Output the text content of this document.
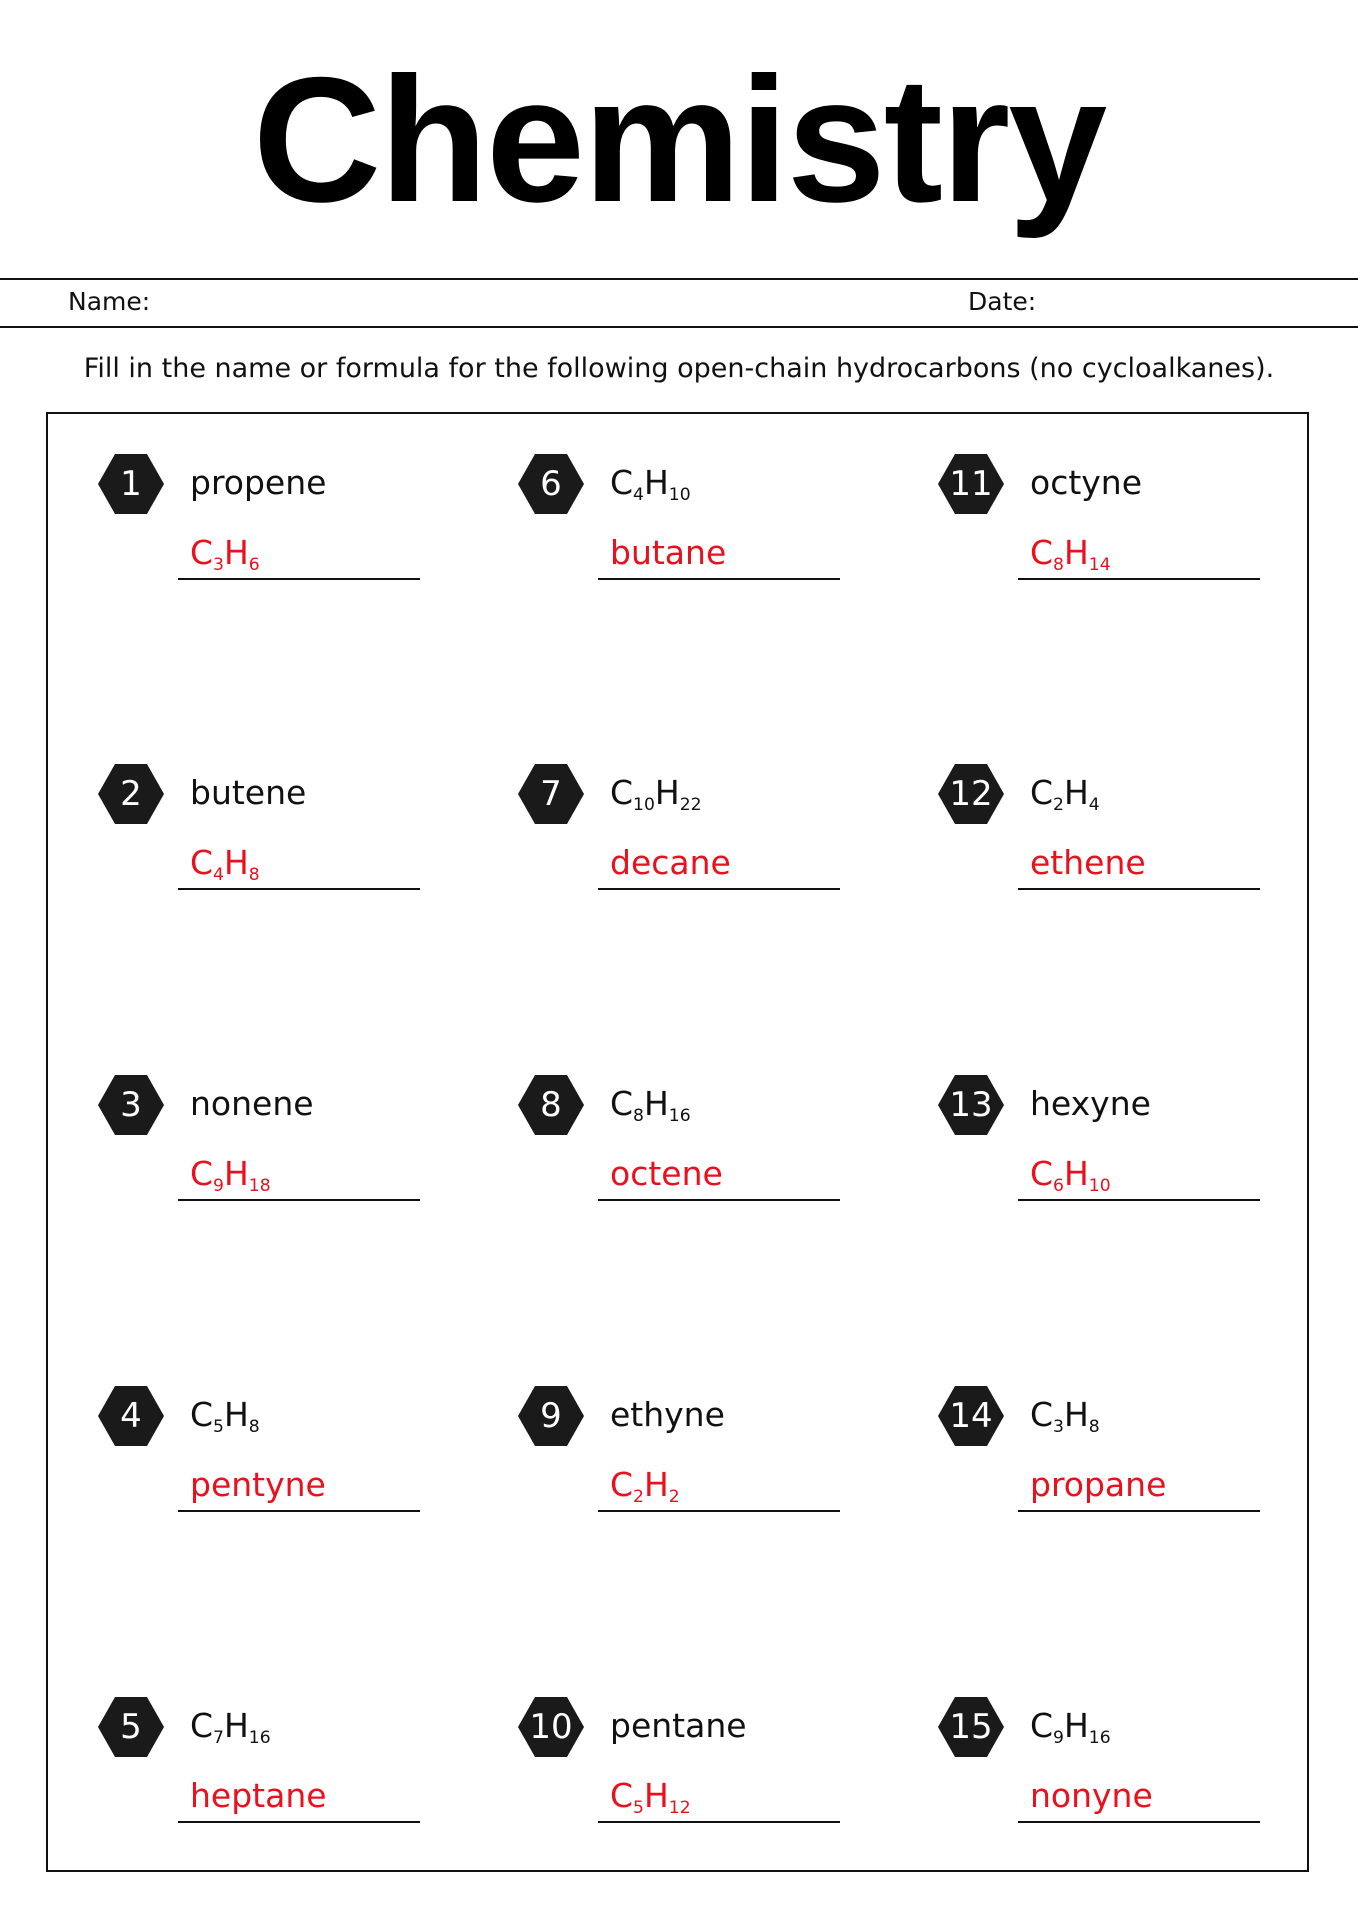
Chemistry
Name:	Date:
Fill in the name or formula for the following open-chain hydrocarbons (no cycloalkanes).
1	propene
$C_3H_6$
2	butene
$C_4H_8$
3	nonene
$C_9H_{18}$
4	$C_5H_8$
pentyne
5	$C_7H_{16}$
heptane
6	$C_4H_{10}$
butane
7	$C_{10}H_{22}$
decane
8	$C_8H_{16}$
octene
9	ethyne
$C_2H_2$
10	pentane
$C_5H_{12}$
11	octyne
$C_8H_{14}$
12	$C_2H_4$
ethene
13	hexyne
$C_6H_{10}$
14	$C_3H_8$
propane
15	$C_9H_{16}$
nonyne
